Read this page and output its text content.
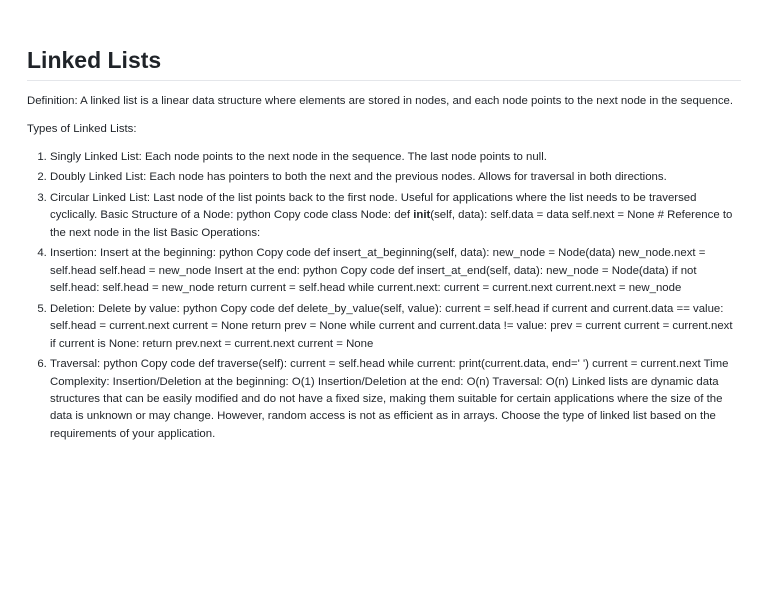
Linked Lists

Definition: A linked list is a linear data structure where elements are stored in nodes, and each node points to the next node in the sequence.

Types of Linked Lists:

1. Singly Linked List: Each node points to the next node in the sequence. The last node points to null.
2. Doubly Linked List: Each node has pointers to both the next and the previous nodes. Allows for traversal in both directions.
3. Circular Linked List: Last node of the list points back to the first node. Useful for applications where the list needs to be traversed cyclically. Basic Structure of a Node: python Copy code class Node: def init(self, data): self.data = data self.next = None # Reference to the next node in the list Basic Operations:
4. Insertion: Insert at the beginning: python Copy code def insert_at_beginning(self, data): new_node = Node(data) new_node.next = self.head self.head = new_node Insert at the end: python Copy code def insert_at_end(self, data): new_node = Node(data) if not self.head: self.head = new_node return current = self.head while current.next: current = current.next current.next = new_node
5. Deletion: Delete by value: python Copy code def delete_by_value(self, value): current = self.head if current and current.data == value: self.head = current.next current = None return prev = None while current and current.data != value: prev = current current = current.next if current is None: return prev.next = current.next current = None
6. Traversal: python Copy code def traverse(self): current = self.head while current: print(current.data, end=' ') current = current.next Time Complexity: Insertion/Deletion at the beginning: O(1) Insertion/Deletion at the end: O(n) Traversal: O(n) Linked lists are dynamic data structures that can be easily modified and do not have a fixed size, making them suitable for certain applications where the size of the data is unknown or may change. However, random access is not as efficient as in arrays. Choose the type of linked list based on the requirements of your application.
